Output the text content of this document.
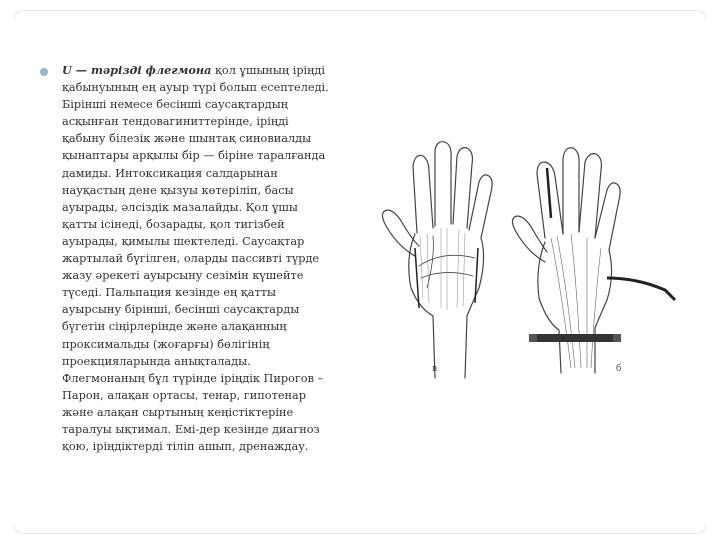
U — тәрізді флегмона қол ұшының іріңді
қабынуының ең ауыр түрі болып есептеледі.
Бірінші немесе бесінші саусақтардың
асқынған тендовагиниттерінде, іріңді
қабыну білезік және шынтақ синовиалды
қынаптары арқылы бір — біріне таралғанда
дамиды. Интоксикация салдарынан
науқастың дене қызуы көтеріліп, басы
ауырады, әлсіздік мазалайды. Қол ұшы
қатты ісінеді, бозарады, қол тигізбей
ауырады, қимылы шектеледі. Саусақтар
жартылай бүгілген, оларды пассивті түрде
жазу әрекеті ауырсыну сезімін күшейте
түседі. Пальпация кезінде ең қатты
ауырсыну бірінші, бесінші саусақтарды
бүгетін сіңірлерінде және алақанның
проксимальды (жоғарғы) бөлігінің
проекцияларында анықталады.
Флегмонаның бұл түрінде іріңдік Пирогов –
Парон, алақан ортасы, тенар, гипотенар
және алақан сыртының кеңістіктеріне
таралуы ықтимал. Емі-дер кезінде диагноз
қою, іріңдіктерді тіліп ашып, дренаждау.
в	б
